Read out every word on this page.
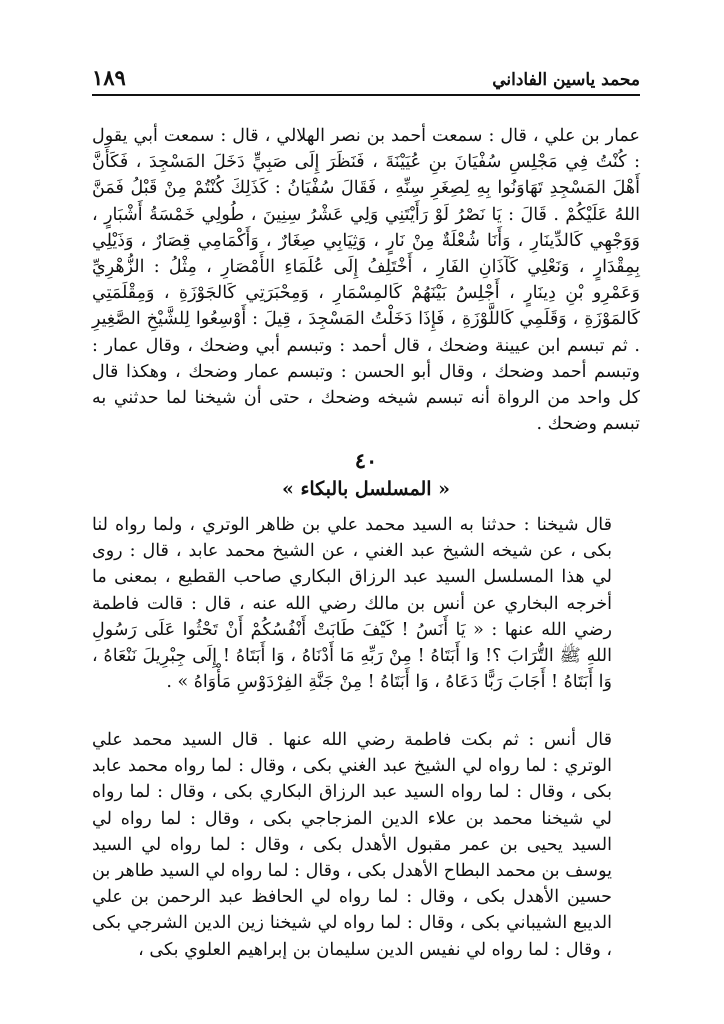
محمد ياسين الفاداني
١٨٩

عمار بن علي ، قال : سمعت أحمد بن نصر الهلالي ، قال : سمعت أبي يقول : كُنْتُ فِي مَجْلِسِ سُفْيَانَ بنِ عُيَيْنَةَ ، فَنَظَرَ إِلَى صَبِيٍّ دَخَلَ المَسْجِدَ ، فَكَأَنَّ أَهْلَ المَسْجِدِ تَهَاوَنُوا بِهِ لِصِغَرِ سِنِّهِ ، فَقَالَ سُفْيَانُ : كَذَلِكَ كُنْتُمْ مِنْ قَبْلُ فَمَنَّ اللهُ عَلَيْكُمْ . قَالَ : يَا نَصْرُ لَوْ رَأَيْتَنِي وَلِي عَشْرُ سِنِينَ ، طُولِي خَمْسَةُ أَشْبَارٍ ، وَوَجْهِي كَالدِّينَارِ ، وَأَنَا شُعْلَةٌ مِنْ نَارٍ ، وَثِيَابِي صِغَارٌ ، وَأَكْمَامِي قِصَارٌ ، وَذَيْلِي بِمِقْدَارٍ ، وَنَعْلِي كَآذَانِ الفَارِ ، أَخْتَلِفُ إِلَى عُلَمَاءِ الأَمْصَارِ ، مِثْلُ : الزُّهْرِيِّ وَعَمْرِو بْنِ دِينَارٍ ، أَجْلِسُ بَيْنَهُمْ كَالمِسْمَارِ ، وَمِحْبَرَتِي كَالجَوْزَةِ ، وَمِقْلَمَتِي كَالمَوْزَةِ ، وَقَلَمِي كَاللَّوْزَةِ ، فَإِذَا دَخَلْتُ المَسْجِدَ ، قِيلَ : أَوْسِعُوا لِلشَّيْخِ الصَّغِيرِ . ثم تبسم ابن عيينة وضحك ، قال أحمد : وتبسم أبي وضحك ، وقال عمار : وتبسم أحمد وضحك ، وقال أبو الحسن : وتبسم عمار وضحك ، وهكذا قال كل واحد من الرواة أنه تبسم شيخه وضحك ، حتى أن شيخنا لما حدثني به تبسم وضحك .

٤٠
« المسلسل بالبكاء »

قال شيخنا : حدثنا به السيد محمد علي بن ظاهر الوتري ، ولما رواه لنا بكى ، عن شيخه الشيخ عبد الغني ، عن الشيخ محمد عابد ، قال : روى لي هذا المسلسل السيد عبد الرزاق البكاري صاحب القطيع ، بمعنى ما أخرجه البخاري عن أنس بن مالك رضي الله عنه ، قال : قالت فاطمة رضي الله عنها : « يَا أَنَسُ ! كَيْفَ طَابَتْ أَنْفُسُكُمْ أَنْ تَحْثُوا عَلَى رَسُولِ اللهِ ﷺ التُّرَابَ ؟! وَا أَبَتَاهُ ! مِنْ رَبِّهِ مَا أَدْنَاهُ ، وَا أَبَتَاهُ ! إِلَى جِبْرِيلَ نَنْعَاهُ ، وَا أَبَتَاهُ ! أَجَابَ رَبًّا دَعَاهُ ، وَا أَبَتَاهُ ! مِنْ جَنَّةِ الفِرْدَوْسِ مَأْوَاهُ » .

قال أنس : ثم بكت فاطمة رضي الله عنها . قال السيد محمد علي الوتري : لما رواه لي الشيخ عبد الغني بكى ، وقال : لما رواه محمد عابد بكى ، وقال : لما رواه السيد عبد الرزاق البكاري بكى ، وقال : لما رواه لي شيخنا محمد بن علاء الدين المزجاجي بكى ، وقال : لما رواه لي السيد يحيى بن عمر مقبول الأهدل بكى ، وقال : لما رواه لي السيد يوسف بن محمد البطاح الأهدل بكى ، وقال : لما رواه لي السيد طاهر بن حسين الأهدل بكى ، وقال : لما رواه لي الحافظ عبد الرحمن بن علي الديبع الشيباني بكى ، وقال : لما رواه لي شيخنا زين الدين الشرجي بكى ، وقال : لما رواه لي نفيس الدين سليمان بن إبراهيم العلوي بكى ،
